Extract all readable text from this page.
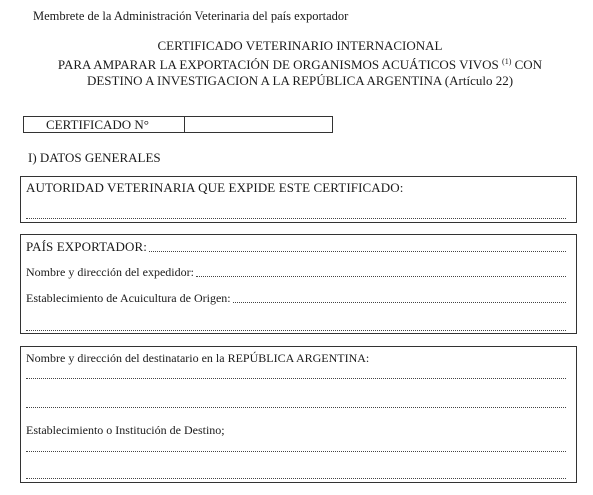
Membrete de la Administración Veterinaria del país exportador
CERTIFICADO VETERINARIO INTERNACIONAL
PARA AMPARAR LA EXPORTACIÓN DE ORGANISMOS ACUÁTICOS VIVOS $^{(1)}$ CON
DESTINO A INVESTIGACION A LA REPÚBLICA ARGENTINA (Artículo 22)
CERTIFICADO N°
I) DATOS GENERALES
AUTORIDAD VETERINARIA QUE EXPIDE ESTE CERTIFICADO:
PAÍS EXPORTADOR:
Nombre y dirección del expedidor:
Establecimiento de Acuicultura de Origen:
Nombre y dirección del destinatario en la REPÚBLICA ARGENTINA:
Establecimiento o Institución de Destino;
